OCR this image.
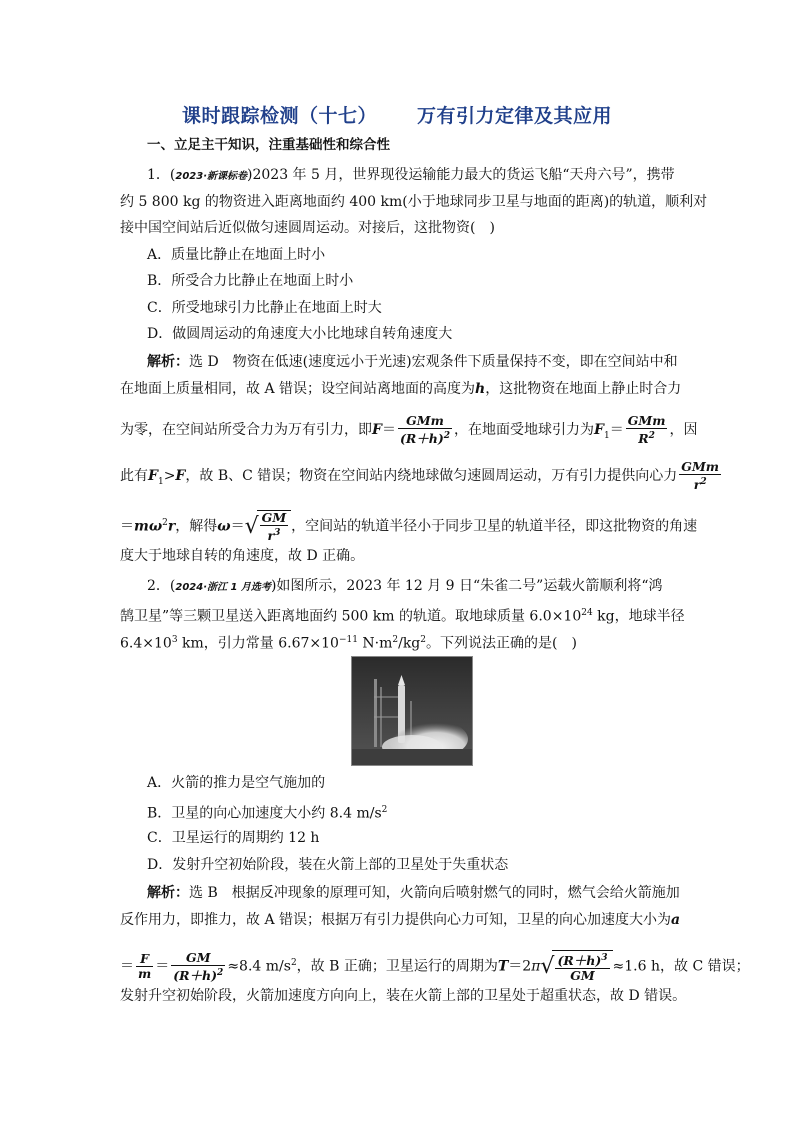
课时跟踪检测（十七） 万有引力定律及其应用
一、立足主干知识，注重基础性和综合性
1．(2023·新课标卷)2023 年 5 月，世界现役运输能力最大的货运飞船“天舟六号”，携带
约 5 800 kg 的物资进入距离地面约 400 km(小于地球同步卫星与地面的距离)的轨道，顺利对
接中国空间站后近似做匀速圆周运动。对接后，这批物资(　)
A．质量比静止在地面上时小
B．所受合力比静止在地面上时小
C．所受地球引力比静止在地面上时大
D．做圆周运动的角速度大小比地球自转角速度大
解析：选 D　物资在低速(速度远小于光速)宏观条件下质量保持不变，即在空间站中和
在地面上质量相同，故 A 错误；设空间站离地面的高度为h，这批物资在地面上静止时合力
为零，在空间站所受合力为万有引力，即$F= \frac{\text{GMm}}{(R+h)^2}$ ，在地面受地球引力为$F_1= \frac{\text{GMm}}{R^2}$ ，因
此有$F_1>F$，故 B、C 错误；物资在空间站内绕地球做匀速圆周运动，万有引力提供向心力 $\frac{\text{GMm}}{r^2}$
$=m\omega^2r$，解得$\omega=√ \frac{GM}{r^3}$ ，空间站的轨道半径小于同步卫星的轨道半径，即这批物资的角速
度大于地球自转的角速度，故 D 正确。
2．(2024·浙江 1 月选考)如图所示，2023 年 12 月 9 日“朱雀二号”运载火箭顺利将“鸿
鹄卫星”等三颗卫星送入距离地面约 500 km 的轨道。取地球质量 $6.0\times 10^{24}$ kg，地球半径
$6.4\times 10^3$ km，引力常量 $6.67\times 10^{-11}$ $N\cdot m^2/kg^2$。下列说法正确的是(　)
A．火箭的推力是空气施加的
B．卫星的向心加速度大小约 8.4 $m/s^2$
C．卫星运行的周期约 12 h
D．发射升空初始阶段，装在火箭上部的卫星处于失重状态
解析：选 B　根据反冲现象的原理可知，火箭向后喷射燃气的同时，燃气会给火箭施加
反作用力，即推力，故 A 错误；根据万有引力提供向心力可知，卫星的向心加速度大小为a
＝ $\frac{F}{m} = \frac{GM}{(R+h)^2} \approx 8.4$ $m/s^2$，故 B 正确；卫星运行的周期为$T=2\pi√ \frac{(R+h)^3}{GM} \approx 1.6$ h，故 C 错误；
发射升空初始阶段，火箭加速度方向向上，装在火箭上部的卫星处于超重状态，故 D 错误。
